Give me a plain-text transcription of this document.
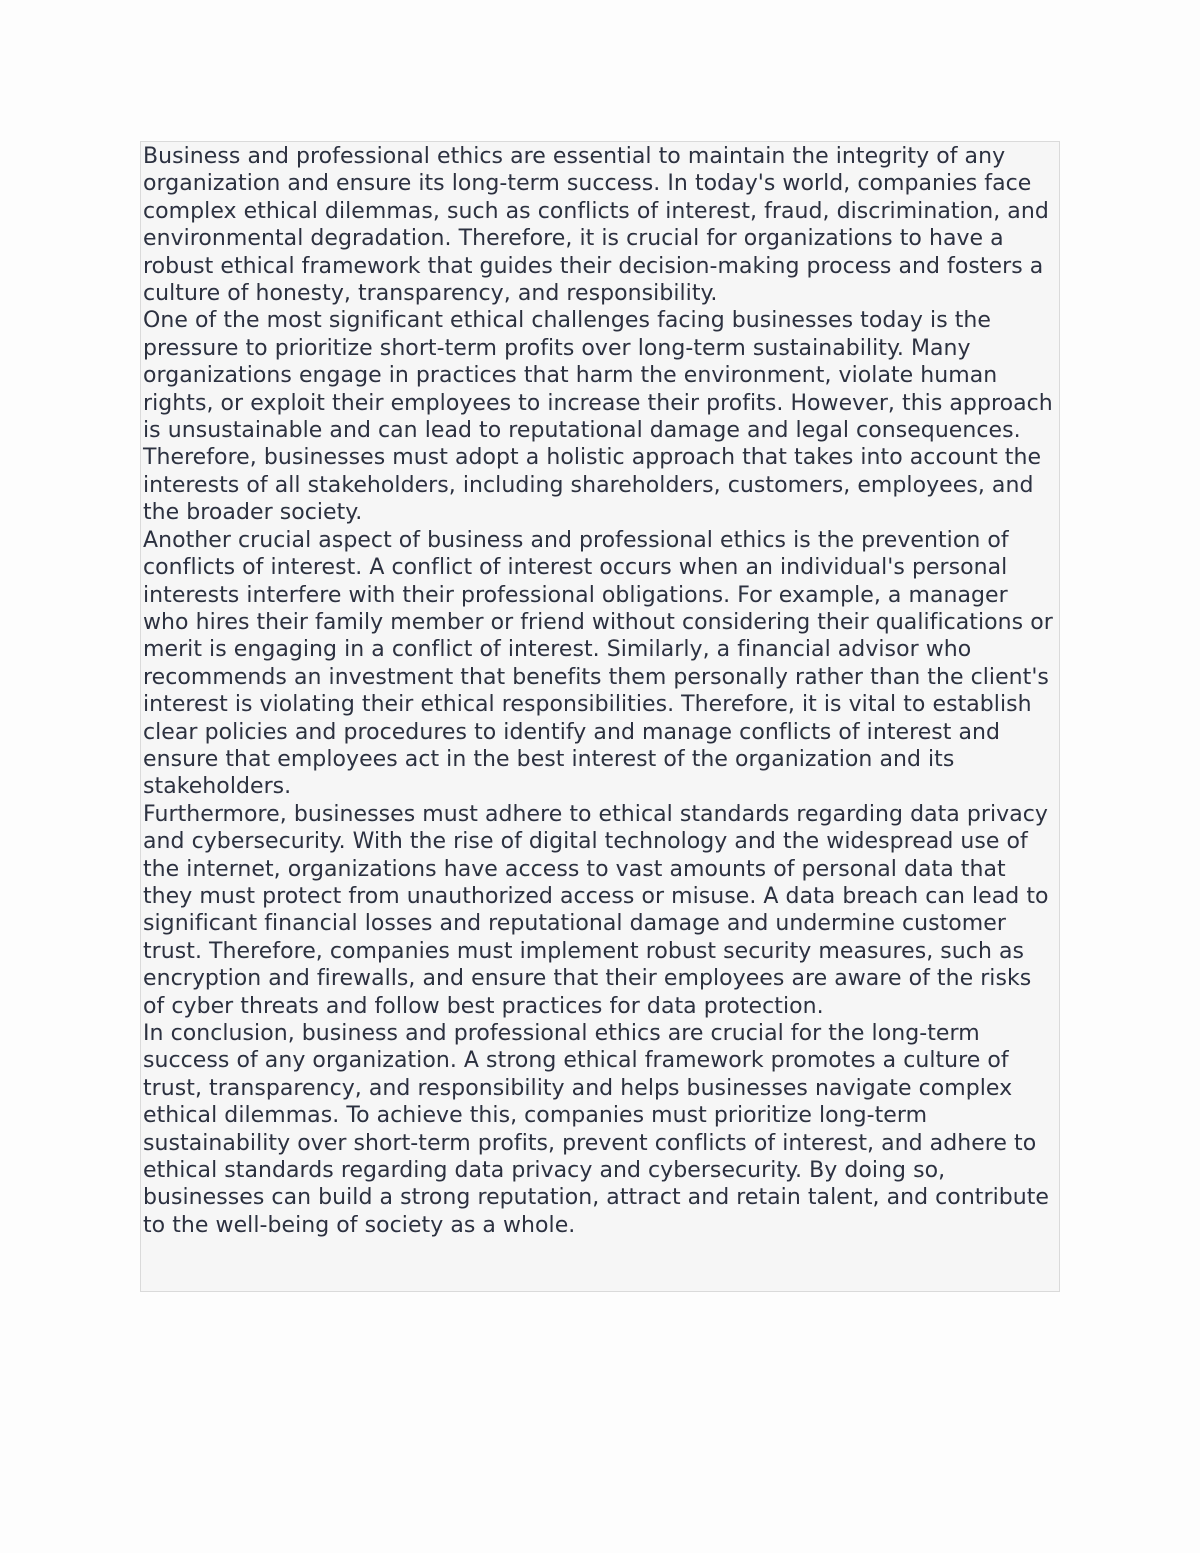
Business and professional ethics are essential to maintain the integrity of any organization and ensure its long-term success. In today's world, companies face complex ethical dilemmas, such as conflicts of interest, fraud, discrimination, and environmental degradation. Therefore, it is crucial for organizations to have a robust ethical framework that guides their decision-making process and fosters a culture of honesty, transparency, and responsibility.

One of the most significant ethical challenges facing businesses today is the pressure to prioritize short-term profits over long-term sustainability. Many organizations engage in practices that harm the environment, violate human rights, or exploit their employees to increase their profits. However, this approach is unsustainable and can lead to reputational damage and legal consequences. Therefore, businesses must adopt a holistic approach that takes into account the interests of all stakeholders, including shareholders, customers, employees, and the broader society.

Another crucial aspect of business and professional ethics is the prevention of conflicts of interest. A conflict of interest occurs when an individual's personal interests interfere with their professional obligations. For example, a manager who hires their family member or friend without considering their qualifications or merit is engaging in a conflict of interest. Similarly, a financial advisor who recommends an investment that benefits them personally rather than the client's interest is violating their ethical responsibilities. Therefore, it is vital to establish clear policies and procedures to identify and manage conflicts of interest and ensure that employees act in the best interest of the organization and its stakeholders.

Furthermore, businesses must adhere to ethical standards regarding data privacy and cybersecurity. With the rise of digital technology and the widespread use of the internet, organizations have access to vast amounts of personal data that they must protect from unauthorized access or misuse. A data breach can lead to significant financial losses and reputational damage and undermine customer trust. Therefore, companies must implement robust security measures, such as encryption and firewalls, and ensure that their employees are aware of the risks of cyber threats and follow best practices for data protection.

In conclusion, business and professional ethics are crucial for the long-term success of any organization. A strong ethical framework promotes a culture of trust, transparency, and responsibility and helps businesses navigate complex ethical dilemmas. To achieve this, companies must prioritize long-term sustainability over short-term profits, prevent conflicts of interest, and adhere to ethical standards regarding data privacy and cybersecurity. By doing so, businesses can build a strong reputation, attract and retain talent, and contribute to the well-being of society as a whole.
